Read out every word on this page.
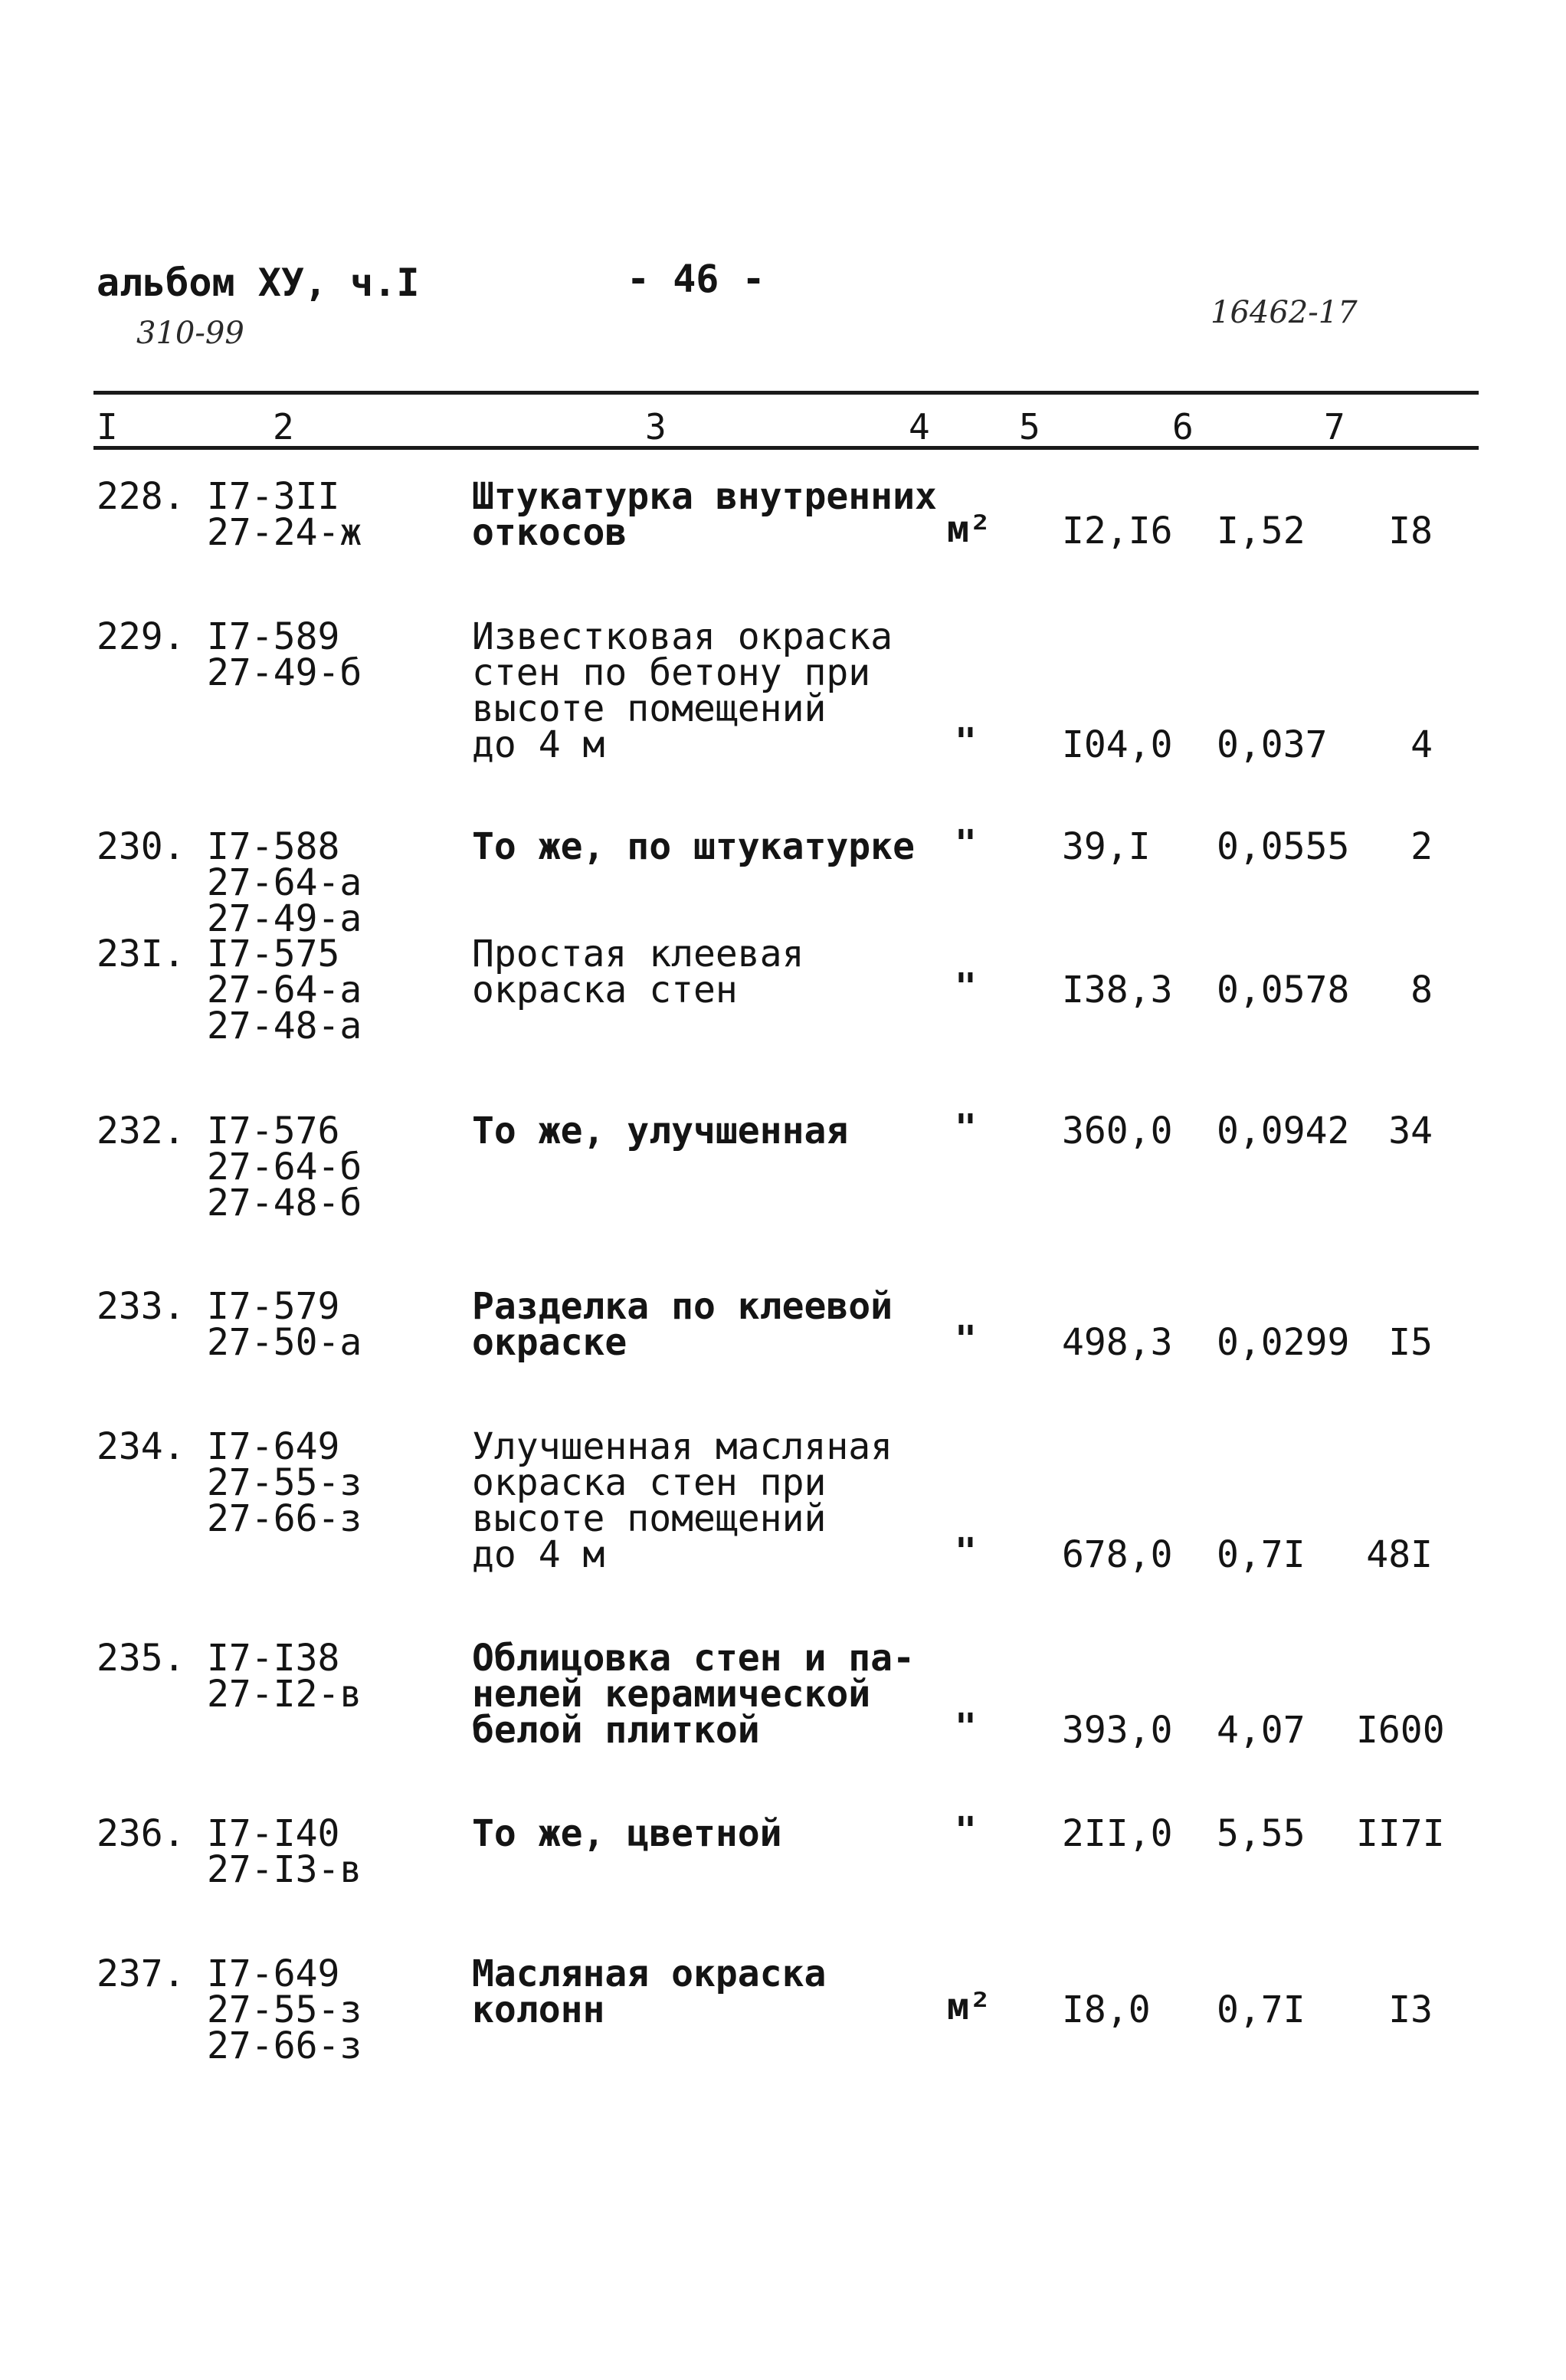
альбом ХУ, ч.I
310-99
- 46 -
16462-17
I	2	3	4	5	6	7
228. I7-3II
27-24-ж
Штукатурка внутренних
откосов	м² I2,I6 I,52	I8
229. I7-589
27-49-б
Известковая окраска
стен по бетону при
высоте помещений
до 4 м	" I04,0 0,037	4
230. I7-588
27-64-а
27-49-а
То же, по штукатурке " 39,I 0,0555	2
23I. I7-575
27-64-а
27-48-а
Простая клеевая
окраска стен	" I38,3 0,0578	8
232. I7-576
27-64-б
27-48-б
То же, улучшенная	" 360,0 0,0942	34
233. I7-579
27-50-а
Разделка по клеевой
окраске	" 498,3 0,0299	I5
234. I7-649
27-55-з
27-66-з
Улучшенная масляная
окраска стен при
высоте помещений
до 4 м	" 678,0 0,7I 48I
235. I7-I38
27-I2-в
Облицовка стен и па-
нелей керамической
белой плиткой	" 393,0 4,07 I600
236. I7-I40
27-I3-в
То же, цветной	" 2II,0 5,55 II7I
237. I7-649
27-55-з
27-66-з
Масляная окраска
колонн	м² I8,0 0,7I	I3
